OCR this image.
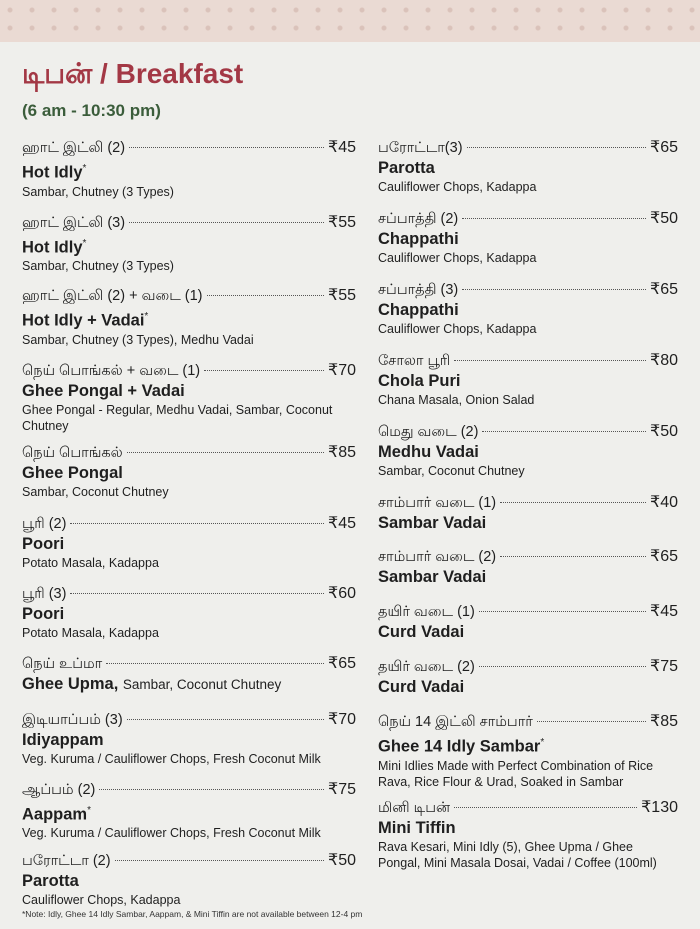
டிபன் / Breakfast
(6 am - 10:30 pm)
ஹாட் இட்லி (2)	₹45
Hot Idly*
Sambar, Chutney (3 Types)
ஹாட் இட்லி (3)	₹55
Hot Idly*
Sambar, Chutney (3 Types)
ஹாட் இட்லி (2) + வடை (1)	₹55
Hot Idly + Vadai*
Sambar, Chutney (3 Types), Medhu Vadai
நெய் பொங்கல் + வடை (1)	₹70
Ghee Pongal + Vadai
Ghee Pongal - Regular, Medhu Vadai, Sambar, Coconut Chutney
நெய் பொங்கல்	₹85
Ghee Pongal
Sambar, Coconut Chutney
பூரி (2)	₹45
Poori
Potato Masala, Kadappa
பூரி (3)	₹60
Poori
Potato Masala, Kadappa
நெய் உப்மா	₹65
Ghee Upma, Sambar, Coconut Chutney
இடியாப்பம் (3)	₹70
Idiyappam
Veg. Kuruma / Cauliflower Chops, Fresh Coconut Milk
ஆப்பம் (2)	₹75
Aappam*
Veg. Kuruma / Cauliflower Chops, Fresh Coconut Milk
பரோட்டா (2)	₹50
Parotta
Cauliflower Chops, Kadappa
பரோட்டா(3)	₹65
Parotta
Cauliflower Chops, Kadappa
சப்பாத்தி (2)	₹50
Chappathi
Cauliflower Chops, Kadappa
சப்பாத்தி (3)	₹65
Chappathi
Cauliflower Chops, Kadappa
சோலா பூரி	₹80
Chola Puri
Chana Masala, Onion Salad
மெது வடை (2)	₹50
Medhu Vadai
Sambar, Coconut Chutney
சாம்பார் வடை (1)	₹40
Sambar Vadai
சாம்பார் வடை (2)	₹65
Sambar Vadai
தயிர் வடை (1)	₹45
Curd Vadai
தயிர் வடை (2)	₹75
Curd Vadai
நெய் 14 இட்லி சாம்பார்	₹85
Ghee 14 Idly Sambar*
Mini Idlies Made with Perfect Combination of Rice Rava, Rice Flour & Urad, Soaked in Sambar
மினி டிபன்	₹130
Mini Tiffin
Rava Kesari, Mini Idly (5), Ghee Upma / Ghee Pongal, Mini Masala Dosai, Vadai / Coffee (100ml)
*Note: Idly, Ghee 14 Idly Sambar, Aappam, & Mini Tiffin are not available between 12-4 pm
